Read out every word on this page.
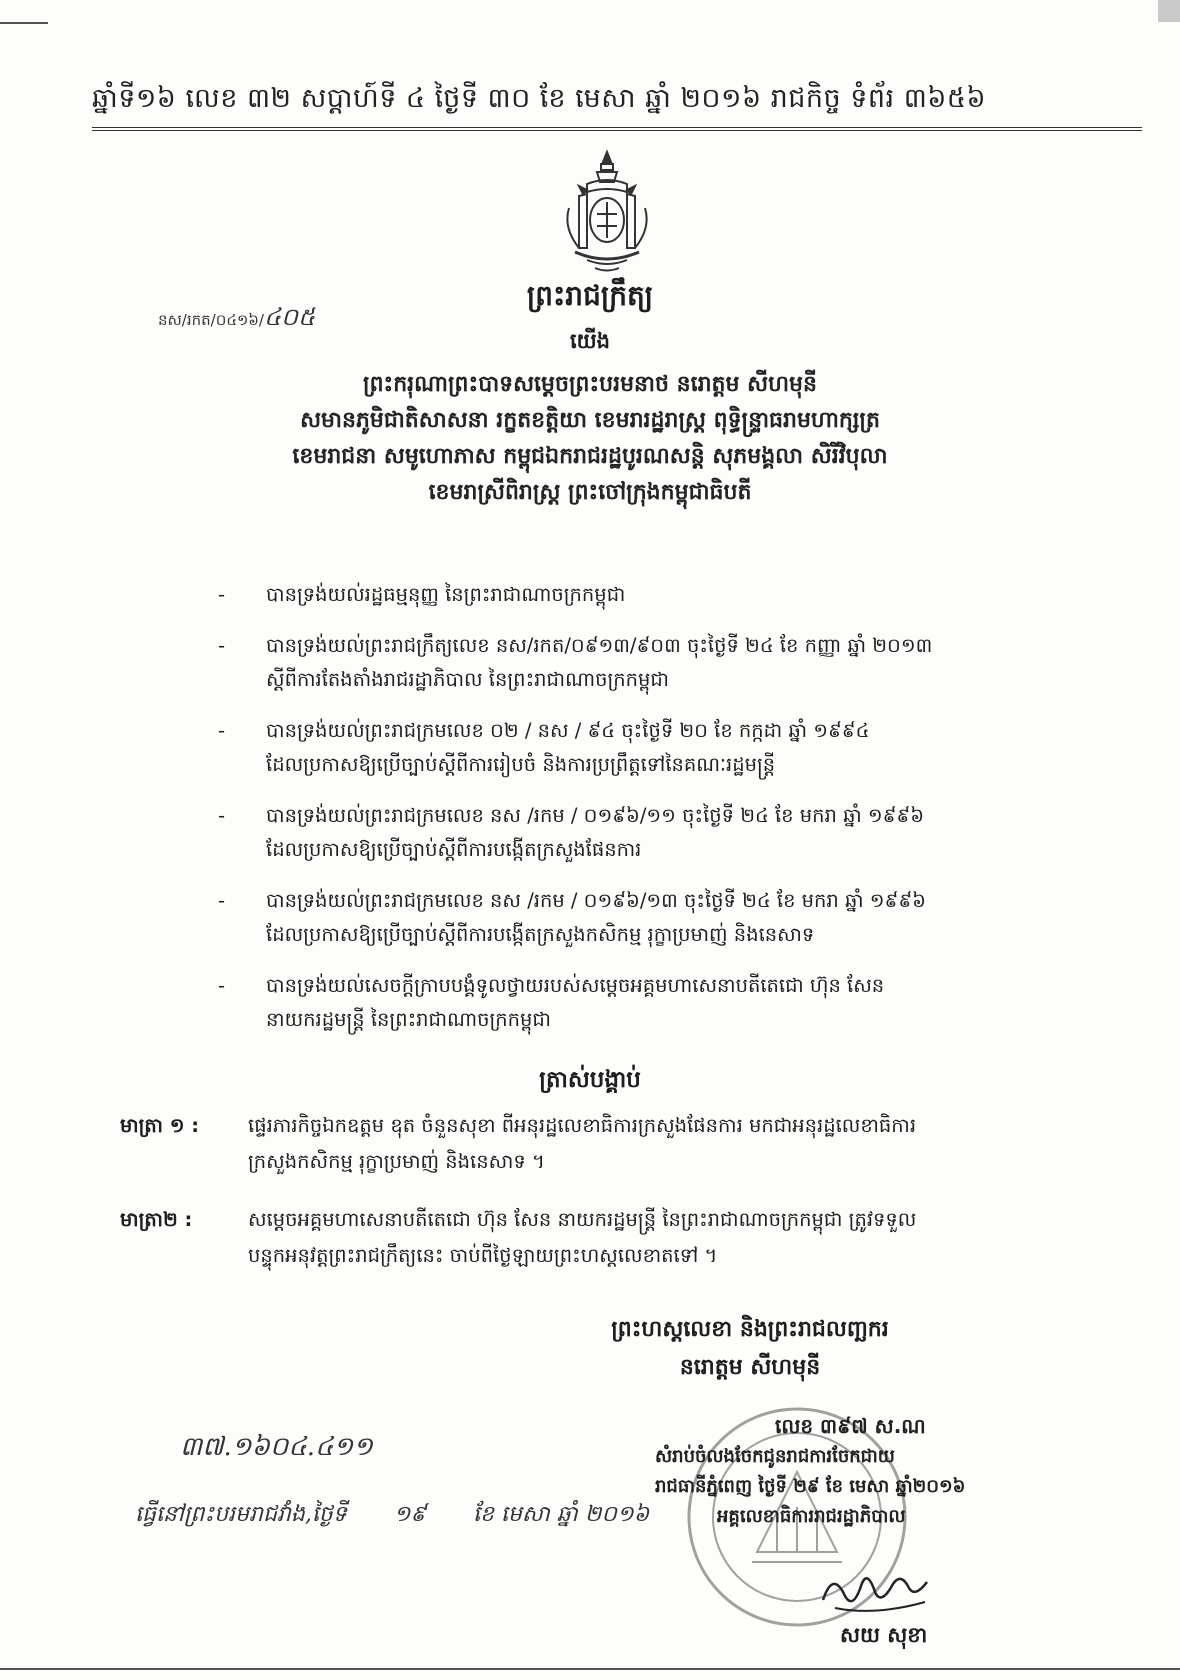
ឆ្នាំទី១៦ លេខ ៣២ សប្តាហ៍ទី ៤ ថ្ងៃទី ៣០ ខែ មេសា ឆ្នាំ ២០១៦ រាជកិច្ច ទំព័រ ៣៦៥៦
ព្រះរាជក្រឹត្យ
នស/រកត/០៤១៦/៤០៥
យើង
ព្រះករុណាព្រះបាទសម្តេចព្រះបរមនាថ នរោត្តម សីហមុនី
សមានភូមិជាតិសាសនា រក្ខតខត្តិយា ខេមរារដ្ឋរាស្ត្រ ពុទ្ធិន្ទ្រាធរាមហាក្សត្រ
ខេមរាជនា សមូហោភាស កម្ពុជឯករាជរដ្ឋបូរណសន្តិ សុភមង្គលា សិរីវិបុលា
ខេមរាស្រីពិរាស្ត្រ ព្រះចៅក្រុងកម្ពុជាធិបតី
- បានទ្រង់យល់រដ្ឋធម្មនុញ្ញ នៃព្រះរាជាណាចក្រកម្ពុជា
- បានទ្រង់យល់ព្រះរាជក្រឹត្យលេខ នស/រកត/០៩១៣/៩០៣ ចុះថ្ងៃទី ២៤ ខែ កញ្ញា ឆ្នាំ ២០១៣
ស្តីពីការតែងតាំងរាជរដ្ឋាភិបាល នៃព្រះរាជាណាចក្រកម្ពុជា
- បានទ្រង់យល់ព្រះរាជក្រមលេខ ០២ / នស / ៩៤ ចុះថ្ងៃទី ២០ ខែ កក្កដា ឆ្នាំ ១៩៩៤
ដែលប្រកាសឱ្យប្រើច្បាប់ស្តីពីការរៀបចំ និងការប្រព្រឹត្តទៅនៃគណៈរដ្ឋមន្ត្រី
- បានទ្រង់យល់ព្រះរាជក្រមលេខ នស /រកម / ០១៩៦/១១ ចុះថ្ងៃទី ២៤ ខែ មករា ឆ្នាំ ១៩៩៦
ដែលប្រកាសឱ្យប្រើច្បាប់ស្តីពីការបង្កើតក្រសួងផែនការ
- បានទ្រង់យល់ព្រះរាជក្រមលេខ នស /រកម / ០១៩៦/១៣ ចុះថ្ងៃទី ២៤ ខែ មករា ឆ្នាំ ១៩៩៦
ដែលប្រកាសឱ្យប្រើច្បាប់ស្តីពីការបង្កើតក្រសួងកសិកម្ម រុក្ខាប្រមាញ់ និងនេសាទ
- បានទ្រង់យល់សេចក្តីក្រាបបង្គំទូលថ្វាយរបស់សម្តេចអគ្គមហាសេនាបតីតេជោ ហ៊ុន សែន
នាយករដ្ឋមន្ត្រី នៃព្រះរាជាណាចក្រកម្ពុជា
ត្រាស់បង្គាប់
មាត្រា ១ :	ផ្ទេរភារកិច្ចឯកឧត្តម ឧុត ចំនួនសុខា ពីអនុរដ្ឋលេខាធិការក្រសួងផែនការ មកជាអនុរដ្ឋលេខាធិការ
ក្រសួងកសិកម្ម រុក្ខាប្រមាញ់ និងនេសាទ ។
មាត្រា២ :	សម្តេចអគ្គមហាសេនាបតីតេជោ ហ៊ុន សែន នាយករដ្ឋមន្ត្រី នៃព្រះរាជាណាចក្រកម្ពុជា ត្រូវទទួល
បន្ទុកអនុវត្តព្រះរាជក្រឹត្យនេះ ចាប់ពីថ្ងៃឡាយព្រះហស្តលេខាតទៅ ។
ព្រះហស្តលេខា និងព្រះរាជលញ្ឆករ
នរោត្តម សីហមុនី
៣៧.១៦០៤.៤១១
ធ្វើនៅព្រះបរមរាជវាំង,ថ្ងៃទី ១៩ ខែ មេសា ឆ្នាំ ២០១៦
លេខ ៣៩៧ ស.ណ
សំរាប់ចំលងចែកជូនរាជការចែកជាយ
រាជធានីភ្នំពេញ ថ្ងៃទី ២៩ ខែ មេសា ឆ្នាំ២០១៦
អគ្គលេខាធិការរាជរដ្ឋាភិបាល
សយ សុខា
